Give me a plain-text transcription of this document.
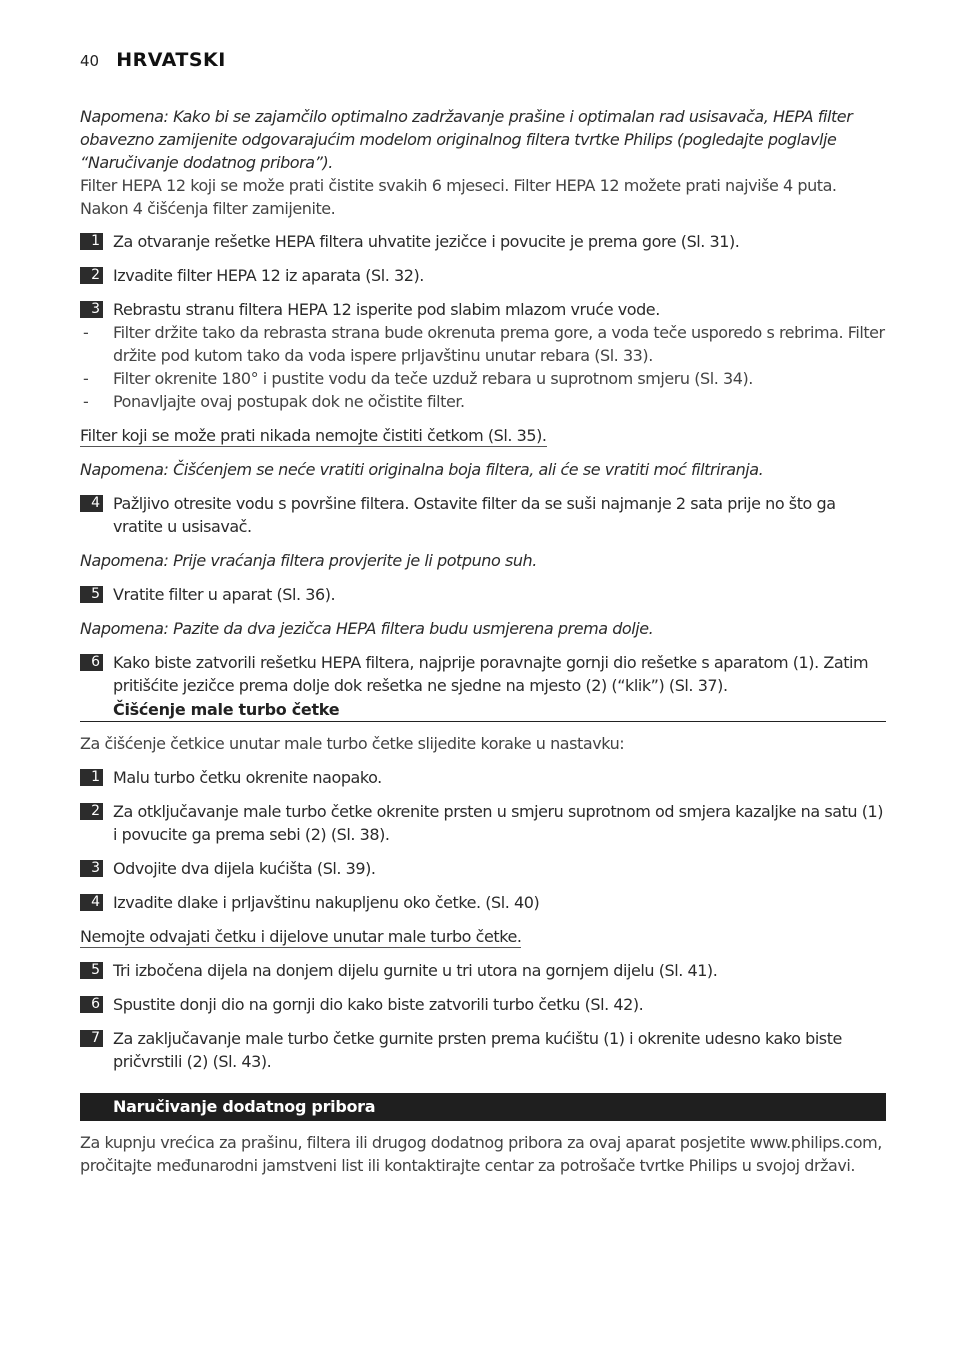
40 HRVATSKI

Napomena: Kako bi se zajamčilo optimalno zadržavanje prašine i optimalan rad usisavača, HEPA filter obavezno zamijenite odgovarajućim modelom originalnog filtera tvrtke Philips (pogledajte poglavlje “Naručivanje dodatnog pribora”).

Filter HEPA 12 koji se može prati čistite svakih 6 mjeseci. Filter HEPA 12 možete prati najviše 4 puta. Nakon 4 čišćenja filter zamijenite.

1 Za otvaranje rešetke HEPA filtera uhvatite jezičce i povucite je prema gore (Sl. 31).
2 Izvadite filter HEPA 12 iz aparata (Sl. 32).
3 Rebrastu stranu filtera HEPA 12 isperite pod slabim mlazom vruće vode.
- Filter držite tako da rebrasta strana bude okrenuta prema gore, a voda teče usporedo s rebrima. Filter držite pod kutom tako da voda ispere prljavštinu unutar rebara (Sl. 33).
- Filter okrenite 180° i pustite vodu da teče uzduž rebara u suprotnom smjeru (Sl. 34).
- Ponavljajte ovaj postupak dok ne očistite filter.

Filter koji se može prati nikada nemojte čistiti četkom (Sl. 35).

Napomena: Čišćenjem se neće vratiti originalna boja filtera, ali će se vratiti moć filtriranja.

4 Pažljivo otresite vodu s površine filtera. Ostavite filter da se suši najmanje 2 sata prije no što ga vratite u usisavač.

Napomena: Prije vraćanja filtera provjerite je li potpuno suh.

5 Vratite filter u aparat (Sl. 36).

Napomena: Pazite da dva jezičca HEPA filtera budu usmjerena prema dolje.

6 Kako biste zatvorili rešetku HEPA filtera, najprije poravnajte gornji dio rešetke s aparatom (1). Zatim pritišćite jezičce prema dolje dok rešetka ne sjedne na mjesto (2) (“klik”) (Sl. 37).
Čišćenje male turbo četke

Za čišćenje četkice unutar male turbo četke slijedite korake u nastavku:

1 Malu turbo četku okrenite naopako.
2 Za otključavanje male turbo četke okrenite prsten u smjeru suprotnom od smjera kazaljke na satu (1) i povucite ga prema sebi (2) (Sl. 38).
3 Odvojite dva dijela kućišta (Sl. 39).
4 Izvadite dlake i prljavštinu nakupljenu oko četke. (Sl. 40)

Nemojte odvajati četku i dijelove unutar male turbo četke.

5 Tri izbočena dijela na donjem dijelu gurnite u tri utora na gornjem dijelu (Sl. 41).
6 Spustite donji dio na gornji dio kako biste zatvorili turbo četku (Sl. 42).
7 Za zaključavanje male turbo četke gurnite prsten prema kućištu (1) i okrenite udesno kako biste pričvrstili (2) (Sl. 43).
Naručivanje dodatnog pribora

Za kupnju vrećica za prašinu, filtera ili drugog dodatnog pribora za ovaj aparat posjetite www.philips.com, pročitajte međunarodni jamstveni list ili kontaktirajte centar za potrošače tvrtke Philips u svojoj državi.
